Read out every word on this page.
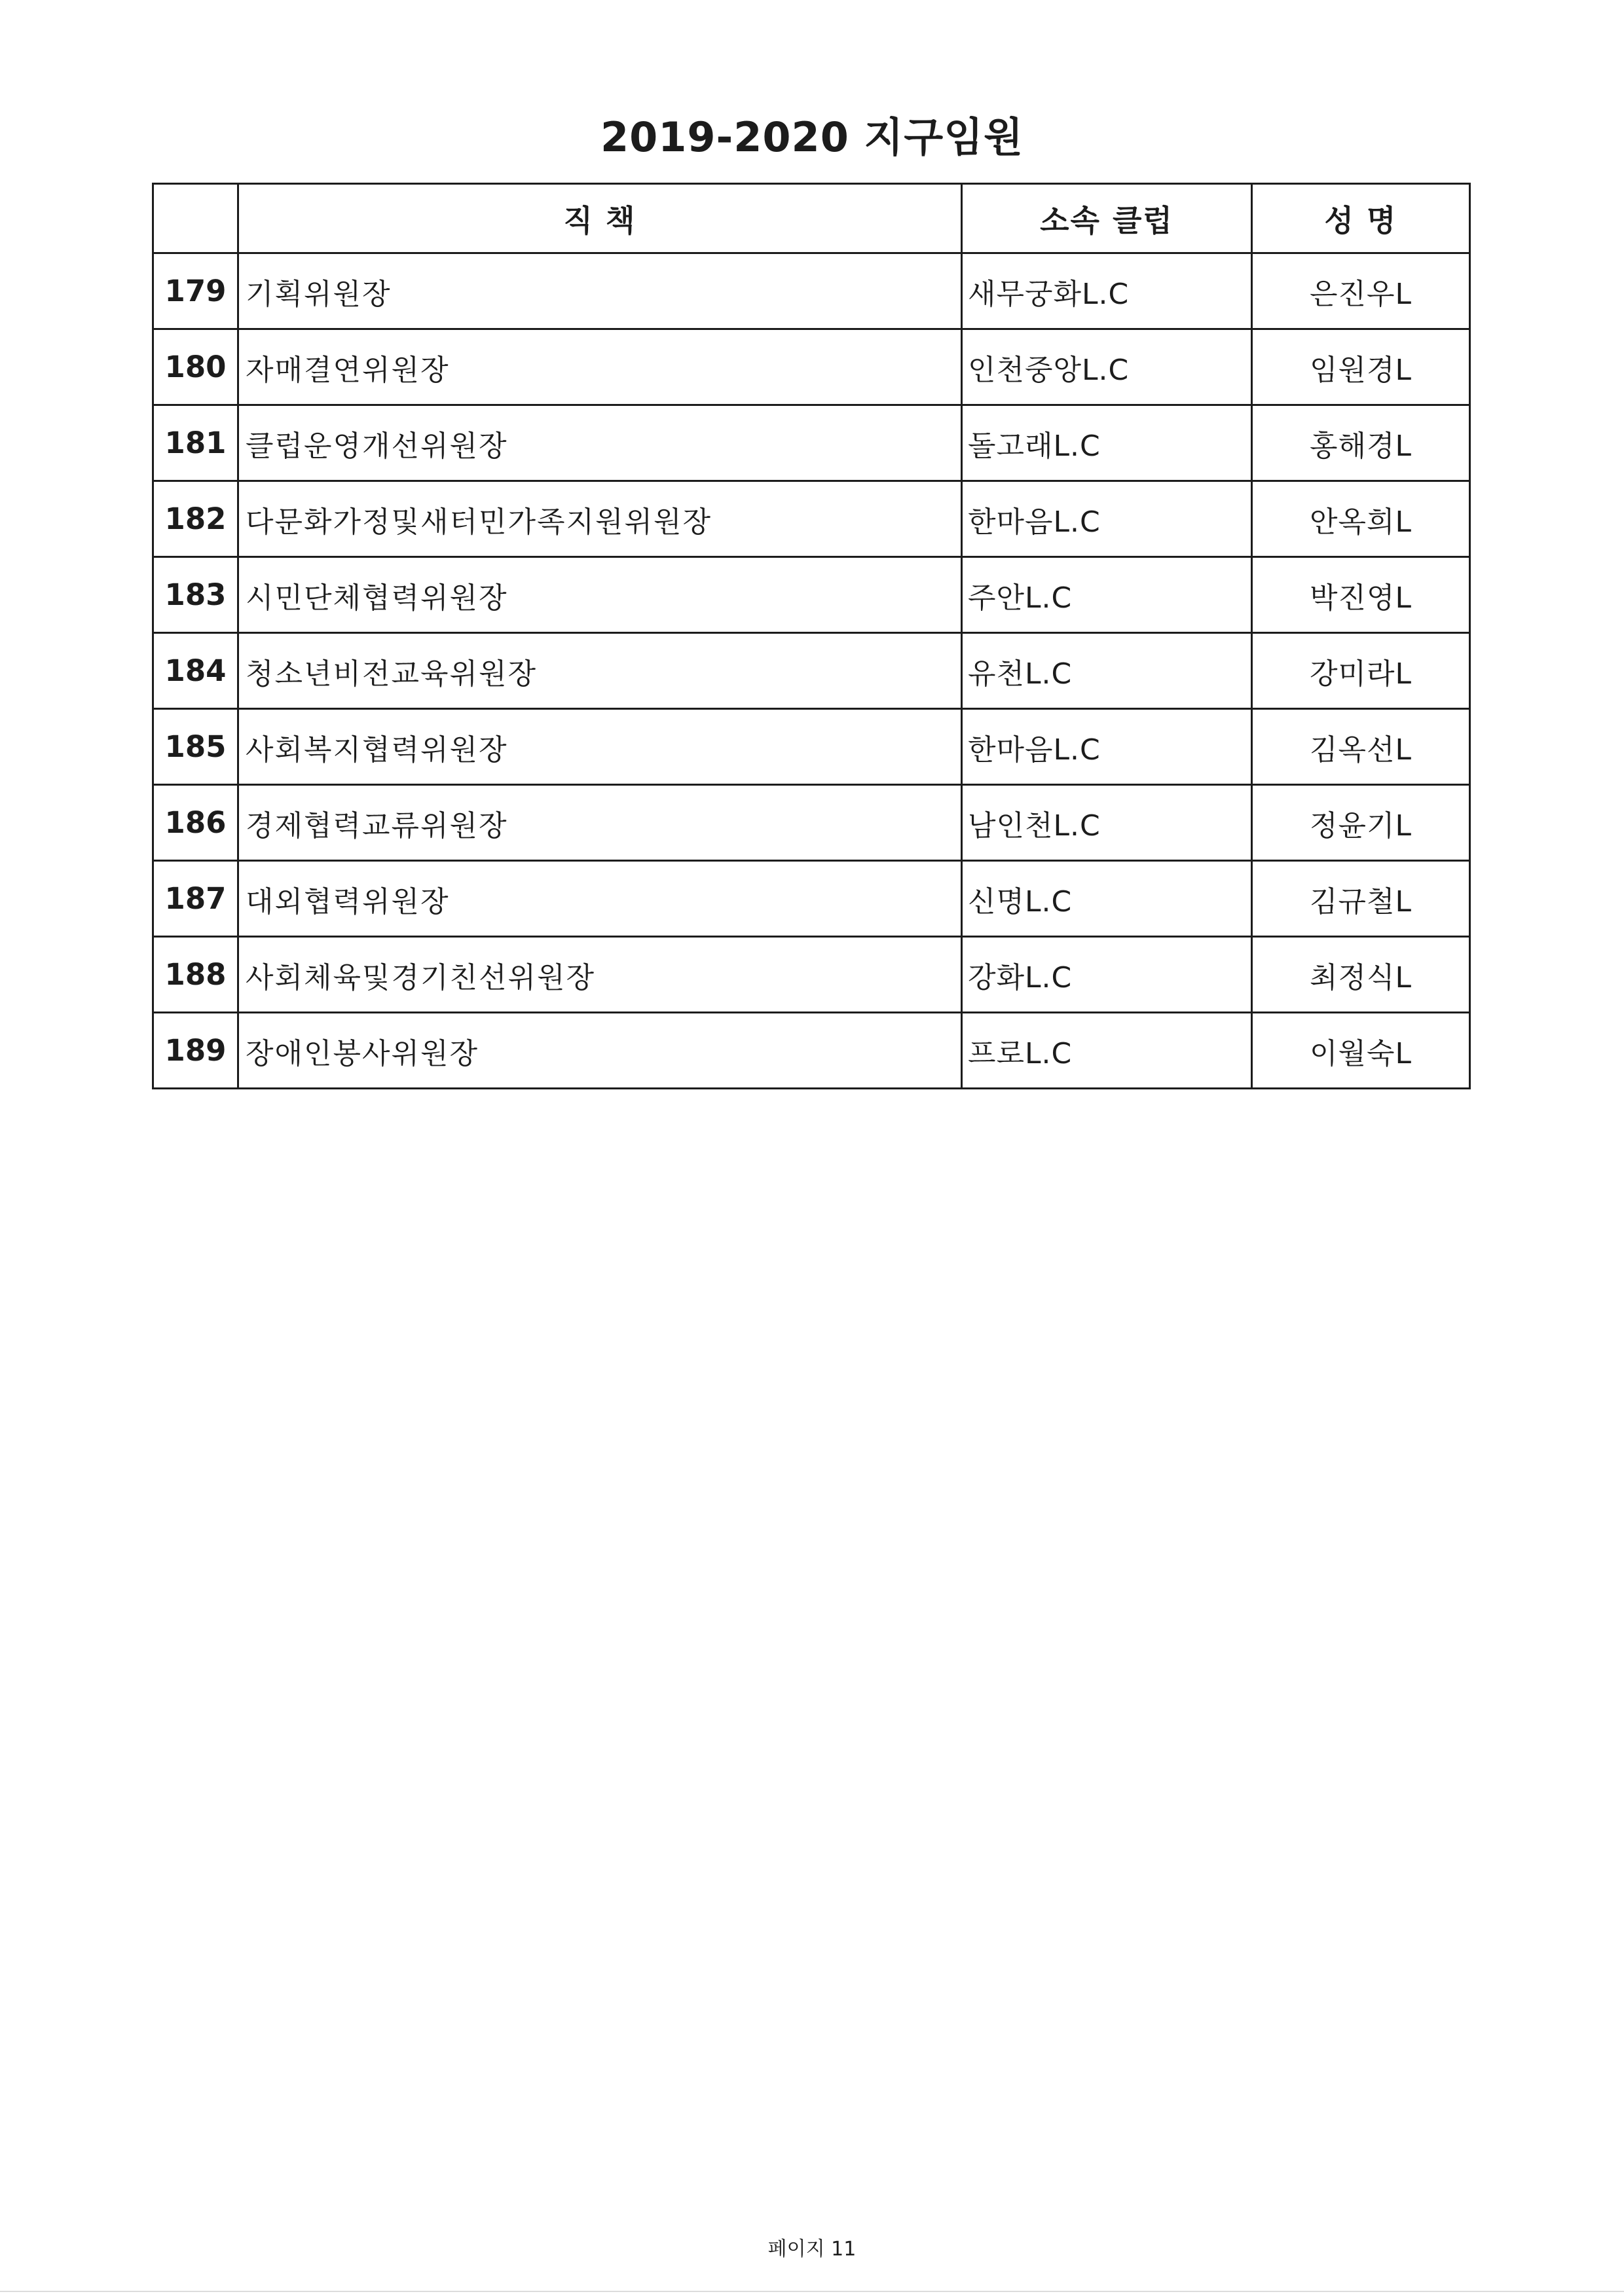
2019-2020 지구임원
	직 책	소속 클럽	성 명
179	기획위원장	새무궁화L.C	은진우L
180	자매결연위원장	인천중앙L.C	임원경L
181	클럽운영개선위원장	돌고래L.C	홍해경L
182	다문화가정및새터민가족지원위원장	한마음L.C	안옥희L
183	시민단체협력위원장	주안L.C	박진영L
184	청소년비전교육위원장	유천L.C	강미라L
185	사회복지협력위원장	한마음L.C	김옥선L
186	경제협력교류위원장	남인천L.C	정윤기L
187	대외협력위원장	신명L.C	김규철L
188	사회체육및경기친선위원장	강화L.C	최정식L
189	장애인봉사위원장	프로L.C	이월숙L
페이지 11
